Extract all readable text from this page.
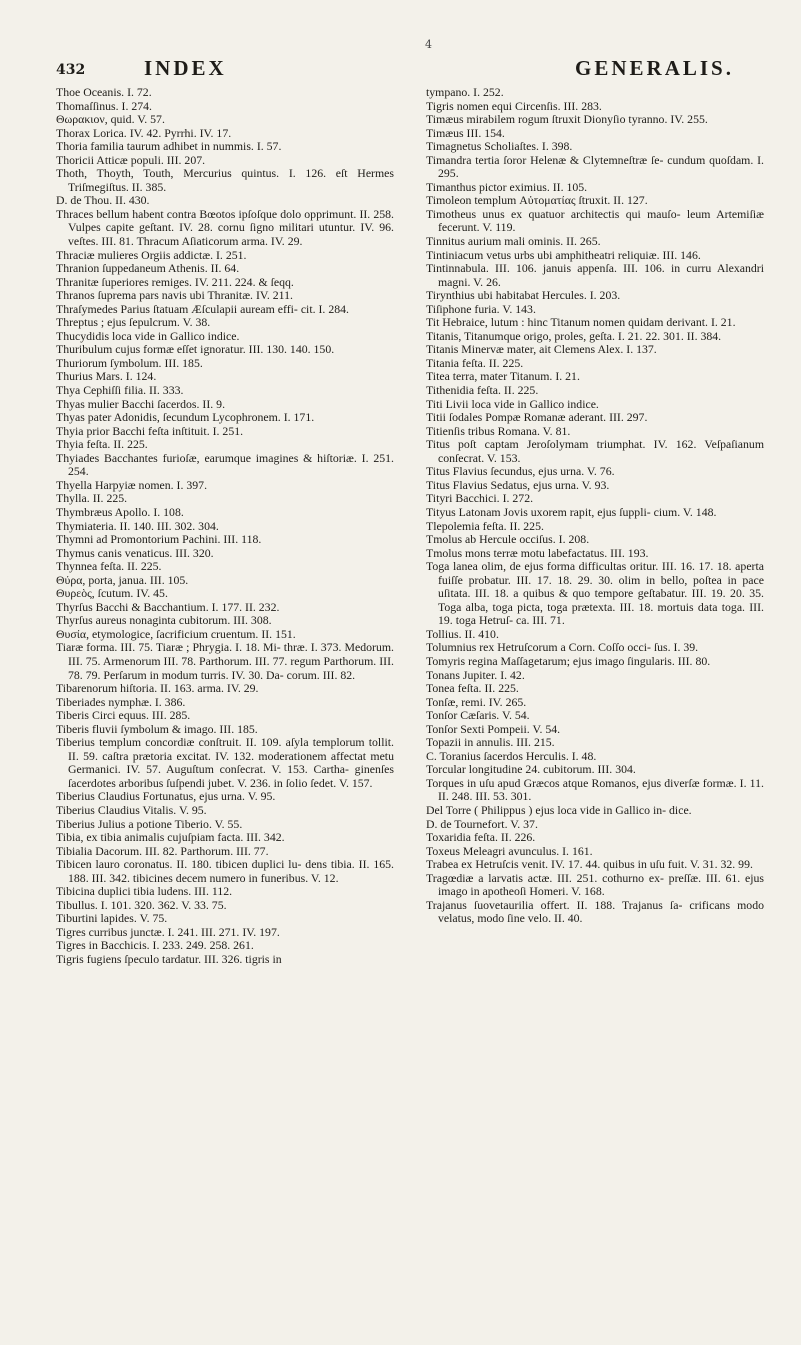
4
432	INDEX GENERALIS.

Thoe Oceanis. I. 72.

Thomaſſinus. I. 274.

Θωρακιον, quid. V. 57.

Thorax Lorica. IV. 42. Pyrrhi. IV. 17.

Thoria familia taurum adhibet in nummis. I. 57.

Thoricii Atticæ populi. III. 207.

Thoth, Thoyth, Touth, Mercurius quintus. I. 126. eſt Hermes Triſmegiſtus. II. 385.

D. de Thou. II. 430.

Thraces bellum habent contra Bœotos ipſoſque dolo opprimunt. II. 258. Vulpes capite geſtant. IV. 28. cornu ſigno militari utuntur. IV. 96. veſtes. III. 81. Thracum Aſiaticorum arma. IV. 29.

Thraciæ mulieres Orgiis addictæ. I. 251.

Thranion ſuppedaneum Athenis. II. 64.

Thranitæ ſuperiores remiges. IV. 211. 224. & ſeqq.

Thranos ſuprema pars navis ubi Thranitæ. IV. 211.

Thraſymedes Parius ſtatuam Æſculapii auream effi- cit. I. 284.

Threptus ; ejus ſepulcrum. V. 38.

Thucydidis loca vide in Gallico indice.

Thuribulum cujus formæ eſſet ignoratur. III. 130. 140. 150.

Thuriorum ſymbolum. III. 185.

Thurius Mars. I. 124.

Thya Cephiſſi filia. II. 333.

Thyas mulier Bacchi ſacerdos. II. 9.

Thyas pater Adonidis, ſecundum Lycophronem. I. 171.

Thyia prior Bacchi feſta inſtituit. I. 251.

Thyia feſta. II. 225.

Thyiades Bacchantes furioſæ, earumque imagines & hiſtoriæ. I. 251. 254.

Thyella Harpyiæ nomen. I. 397.

Thylla. II. 225.

Thymbræus Apollo. I. 108.

Thymiateria. II. 140. III. 302. 304.

Thymni ad Promontorium Pachini. III. 118.

Thymus canis venaticus. III. 320.

Thynnea feſta. II. 225.

Θύρα, porta, janua. III. 105.

Θυρεὸς, ſcutum. IV. 45.

Thyrſus Bacchi & Bacchantium. I. 177. II. 232.

Thyrſus aureus nonaginta cubitorum. III. 308.

Θυσία, etymologice, ſacrificium cruentum. II. 151.

Tiaræ forma. III. 75. Tiaræ ; Phrygia. I. 18. Mi- thræ. I. 373. Medorum. III. 75. Armenorum III. 78. Parthorum. III. 77. regum Parthorum. III. 78. 79. Perſarum in modum turris. IV. 30. Da- corum. III. 82.

Tibarenorum hiſtoria. II. 163. arma. IV. 29.

Tiberiades nymphæ. I. 386.

Tiberis Circi equus. III. 285.

Tiberis fluvii ſymbolum & imago. III. 185.

Tiberius templum concordiæ conſtruit. II. 109. aſyla templorum tollit. II. 59. caſtra prætoria excitat. IV. 132. moderationem affectat metu Germanici. IV. 57. Auguſtum conſecrat. V. 153. Cartha- ginenſes ſacerdotes arboribus ſuſpendi jubet. V. 236. in ſolio ſedet. V. 157.

Tiberius Claudius Fortunatus, ejus urna. V. 95.

Tiberius Claudius Vitalis. V. 95.

Tiberius Julius a potione Tiberio. V. 55.

Tibia, ex tibia animalis cujuſpiam facta. III. 342.

Tibialia Dacorum. III. 82. Parthorum. III. 77.

Tibicen lauro coronatus. II. 180. tibicen duplici lu- dens tibia. II. 165. 188. III. 342. tibicines decem numero in funeribus. V. 12.

Tibicina duplici tibia ludens. III. 112.

Tibullus. I. 101. 320. 362. V. 33. 75.

Tiburtini lapides. V. 75.

Tigres curribus junctæ. I. 241. III. 271. IV. 197.

Tigres in Bacchicis. I. 233. 249. 258. 261.

Tigris fugiens ſpeculo tardatur. III. 326. tigris in

tympano. I. 252.

Tigris nomen equi Circenſis. III. 283.

Timæus mirabilem rogum ſtruxit Dionyſio tyranno. IV. 255.

Timæus III. 154.

Timagnetus Scholiaſtes. I. 398.

Timandra tertia ſoror Helenæ & Clytemneſtræ ſe- cundum quoſdam. I. 295.

Timanthus pictor eximius. II. 105.

Timoleon templum Αὐτοματίας ſtruxit. II. 127.

Timotheus unus ex quatuor architectis qui mauſo- leum Artemiſiæ fecerunt. V. 119.

Tinnitus aurium mali ominis. II. 265.

Tintiniacum vetus urbs ubi amphitheatri reliquiæ. III. 146.

Tintinnabula. III. 106. januis appenſa. III. 106. in curru Alexandri magni. V. 26.

Tirynthius ubi habitabat Hercules. I. 203.

Tiſiphone furia. V. 143.

Tit Hebraice, lutum : hinc Titanum nomen quidam derivant. I. 21.

Titanis, Titanumque origo, proles, geſta. I. 21. 22. 301. II. 384.

Titanis Minervæ mater, ait Clemens Alex. I. 137.

Titania feſta. II. 225.

Titea terra, mater Titanum. I. 21.

Tithenidia feſta. II. 225.

Titi Livii loca vide in Gallico indice.

Titii ſodales Pompæ Romanæ aderant. III. 297.

Titienſis tribus Romana. V. 81.

Titus poſt captam Jeroſolymam triumphat. IV. 162. Veſpaſianum conſecrat. V. 153.

Titus Flavius ſecundus, ejus urna. V. 76.

Titus Flavius Sedatus, ejus urna. V. 93.

Tityri Bacchici. I. 272.

Tityus Latonam Jovis uxorem rapit, ejus ſuppli- cium. V. 148.

Tlepolemia feſta. II. 225.

Tmolus ab Hercule occiſus. I. 208.

Tmolus mons terræ motu labefactatus. III. 193.

Toga lanea olim, de ejus forma difficultas oritur. III. 16. 17. 18. aperta fuiſſe probatur. III. 17. 18. 29. 30. olim in bello, poſtea in pace uſitata. III. 18. a quibus & quo tempore geſtabatur. III. 19. 20. 35. Toga alba, toga picta, toga prætexta. III. 18. mortuis data toga. III. 19. toga Hetruſ- ca. III. 71.

Tollius. II. 410.

Tolumnius rex Hetruſcorum a Corn. Coſſo occi- ſus. I. 39.

Tomyris regina Maſſagetarum; ejus imago ſingularis. III. 80.

Tonans Jupiter. I. 42.

Tonea feſta. II. 225.

Tonſæ, remi. IV. 265.

Tonſor Cæſaris. V. 54.

Tonſor Sexti Pompeii. V. 54.

Topazii in annulis. III. 215.

C. Toranius ſacerdos Herculis. I. 48.

Torcular longitudine 24. cubitorum. III. 304.

Torques in uſu apud Græcos atque Romanos, ejus diverſæ formæ. I. 11. II. 248. III. 53. 301.

Del Torre ( Philippus ) ejus loca vide in Gallico in- dice.

D. de Tournefort. V. 37.

Toxaridia feſta. II. 226.

Toxeus Meleagri avunculus. I. 161.

Trabea ex Hetruſcis venit. IV. 17. 44. quibus in uſu fuit. V. 31. 32. 99.

Tragœdiæ a larvatis actæ. III. 251. cothurno ex- preſſæ. III. 61. ejus imago in apotheoſi Homeri. V. 168.

Trajanus ſuovetaurilia offert. II. 188. Trajanus ſa- crificans modo velatus, modo ſine velo. II. 40.
